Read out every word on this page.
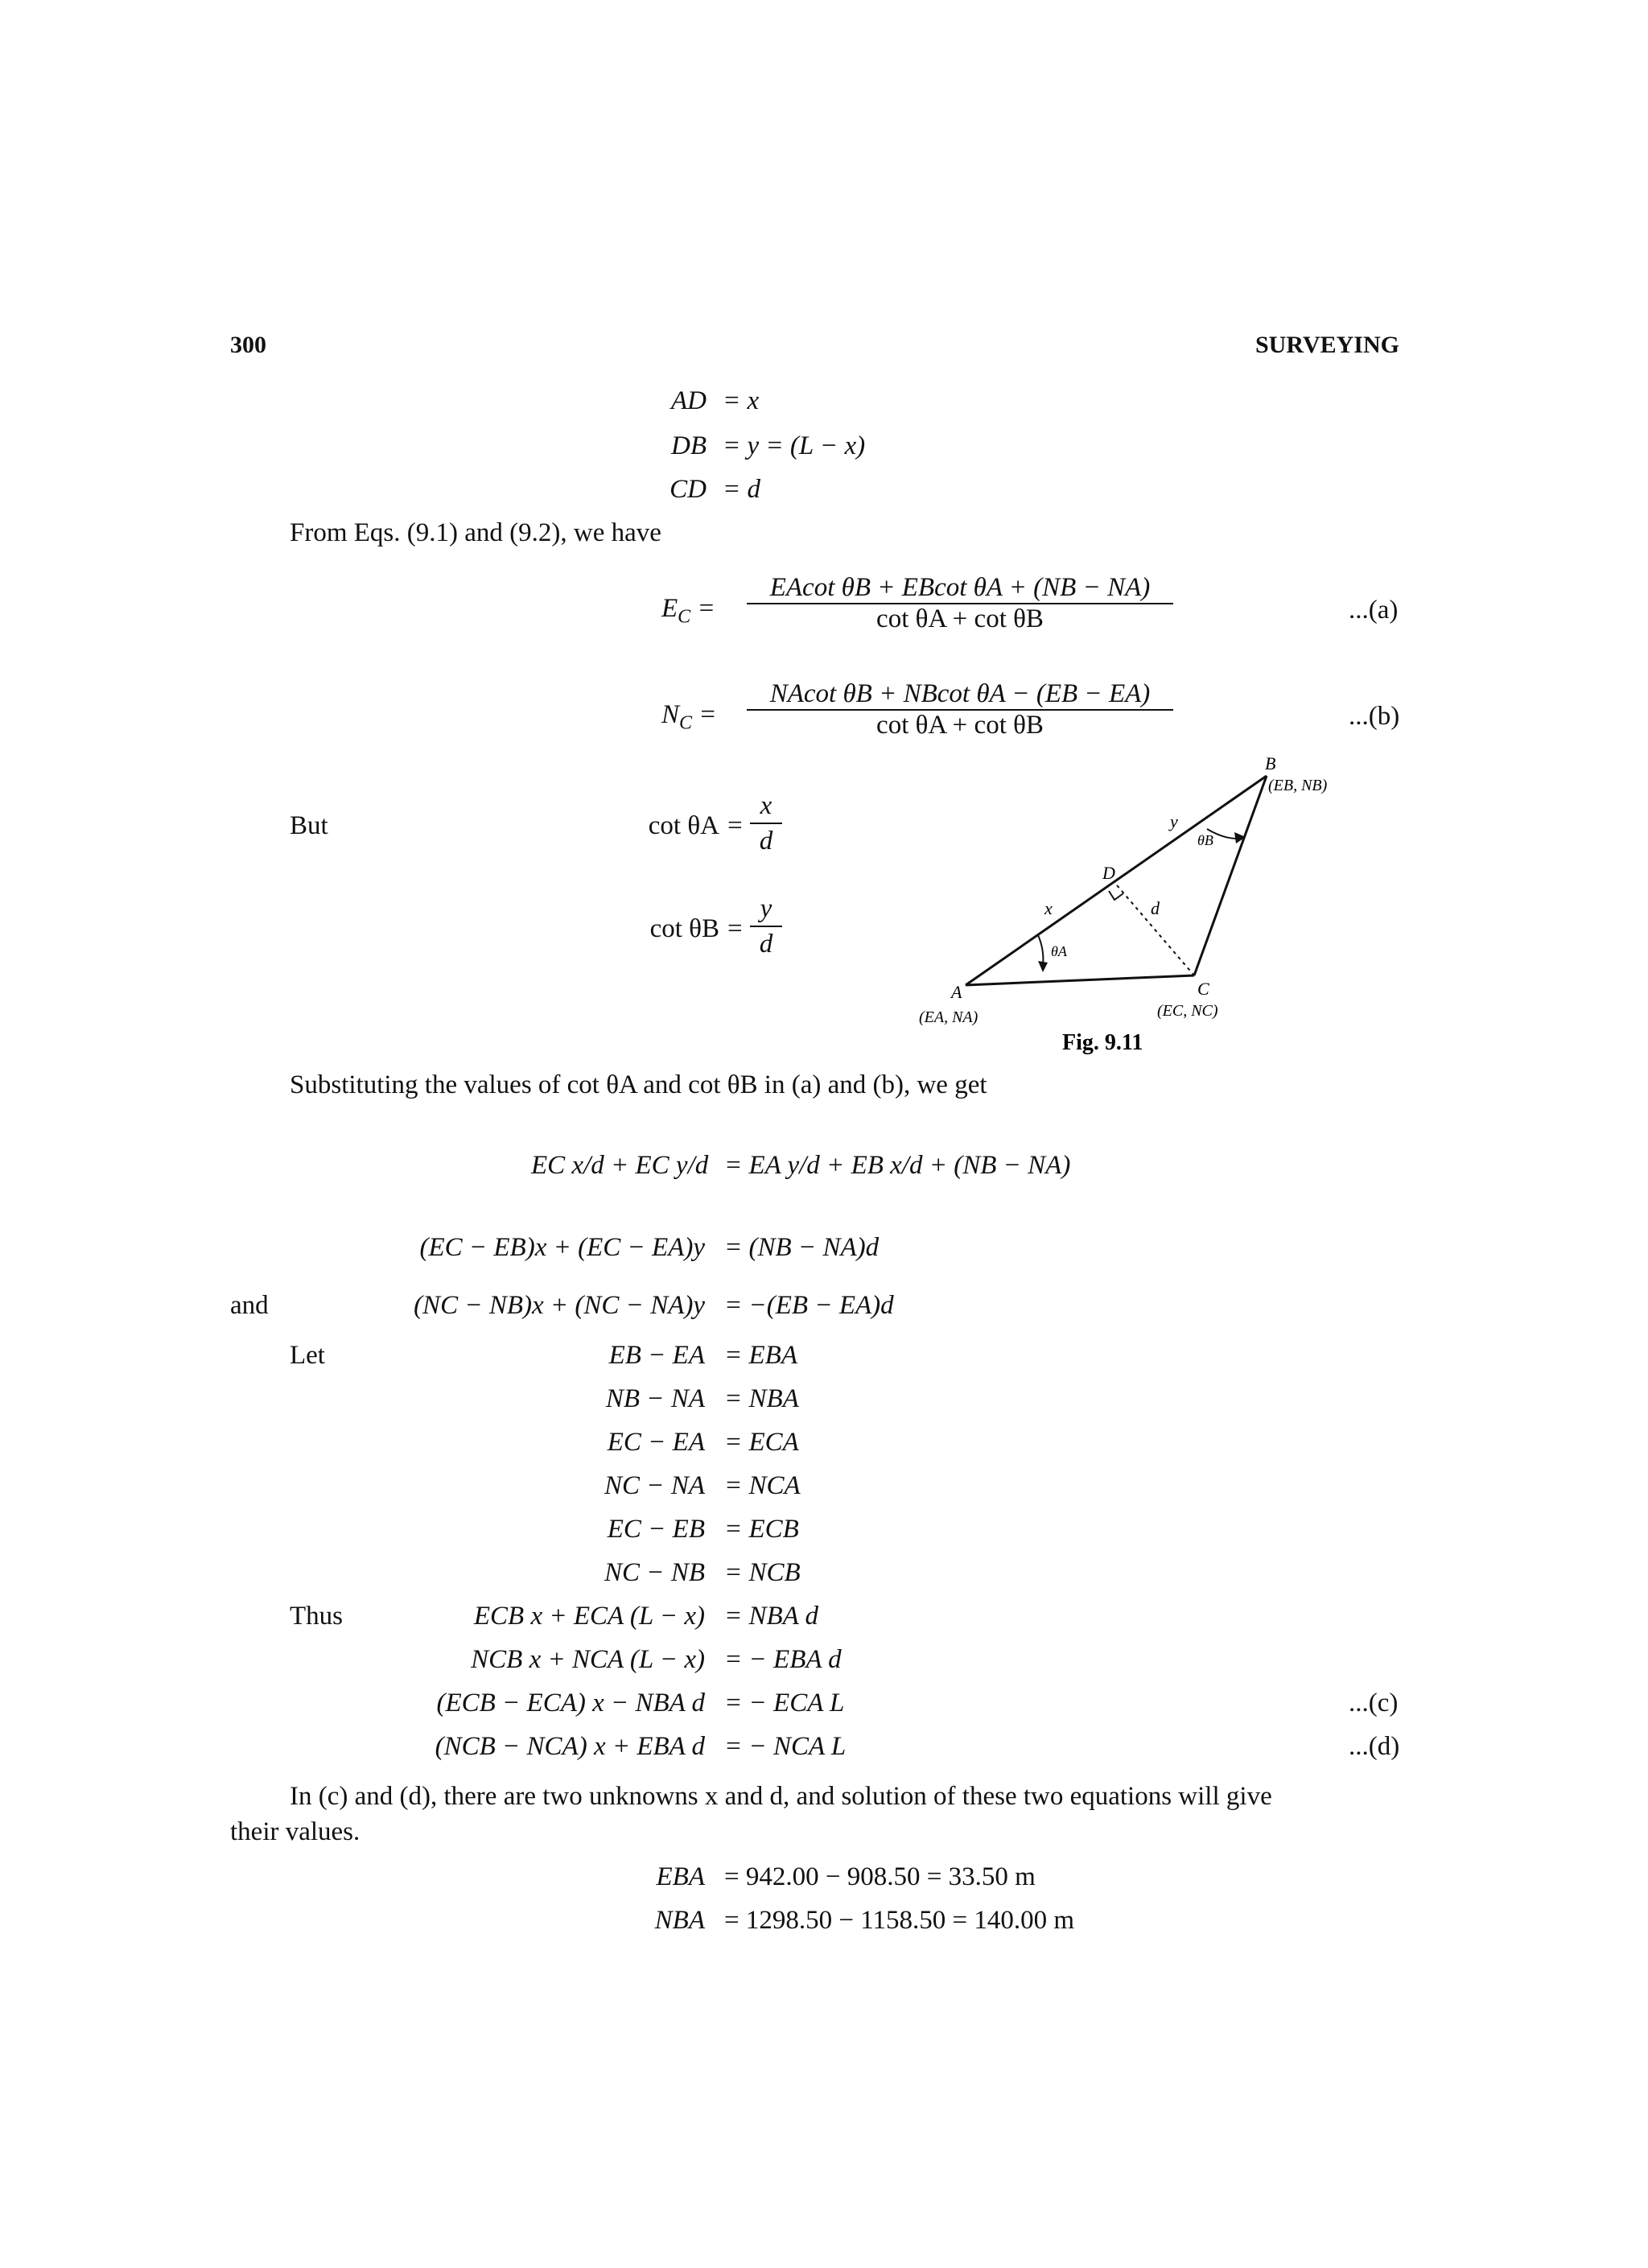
300	SURVEYING
AD = x
DB = y = (L − x)
CD = d
From Eqs. (9.1) and (9.2), we have
$E_C$ =
EAcot θB + EBcot θA + (NB − NA)
cot θA + cot θB	...(a)
$N_C$ =
NAcot θB + NBcot θA − (EB − EA)
cot θA + cot θB	...(b)
But	cot θA =
x
d
cot θB =
y
d
B
(EB, NB)
D
x
y
d
θA
θB
A
(EA, NA)
C
(EC, NC)
Fig. 9.11
Substituting the values of cot θA and cot θB in (a) and (b), we get
EC x/d + EC y/d = EA y/d + EB x/d + (NB − NA)
(EC − EB)x + (EC − EA)y = (NB − NA)d
and	(NC − NB)x + (NC − NA)y = −(EB − EA)d
Let	EB − EA = EBA
NB − NA = NBA
EC − EA = ECA
NC − NA = NCA
EC − EB = ECB
NC − NB = NCB
Thus	ECB x + ECA (L − x) = NBA d
NCB x + NCA (L − x) = − EBA d
(ECB − ECA) x − NBA d = − ECA L	...(c)
(NCB − NCA) x + EBA d = − NCA L	...(d)
In (c) and (d), there are two unknowns x and d, and solution of these two equations will give
their values.
EBA = 942.00 − 908.50 = 33.50 m
NBA = 1298.50 − 1158.50 = 140.00 m
